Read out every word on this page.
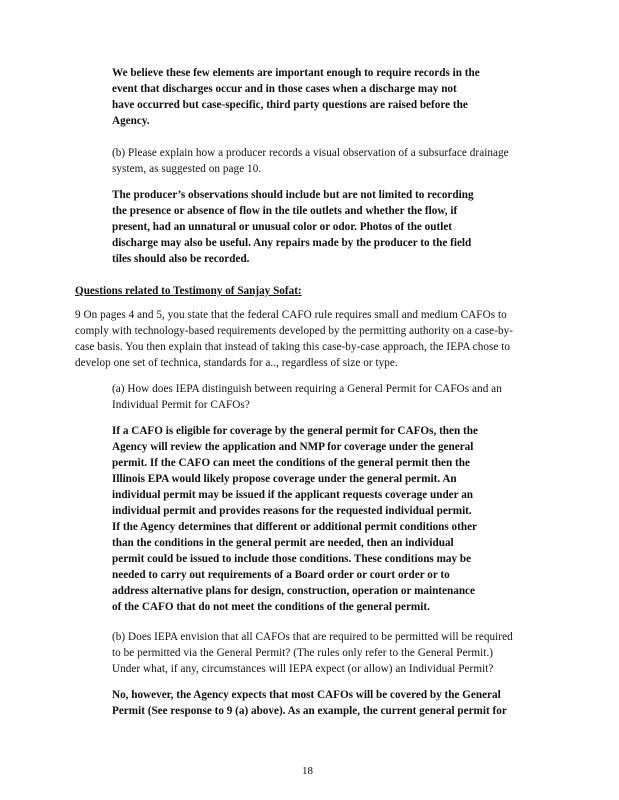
We believe these few elements are important enough to require records in the
event that discharges occur and in those cases when a discharge may not
have occurred but case-specific, third party questions are raised before the
Agency.
(b) Please explain how a producer records a visual observation of a subsurface drainage
system, as suggested on page 10.
The producer’s observations should include but are not limited to recording
the presence or absence of flow in the tile outlets and whether the flow, if
present, had an unnatural or unusual color or odor. Photos of the outlet
discharge may also be useful. Any repairs made by the producer to the field
tiles should also be recorded.
Questions related to Testimony of Sanjay Sofat:
9 On pages 4 and 5, you state that the federal CAFO rule requires small and medium CAFOs to
comply with technology-based requirements developed by the permitting authority on a case-by-
case basis. You then explain that instead of taking this case-by-case approach, the IEPA chose to
develop one set of technica, standards for a.., regardless of size or type.
(a) How does IEPA distinguish between requiring a General Permit for CAFOs and an
Individual Permit for CAFOs?
If a CAFO is eligible for coverage by the general permit for CAFOs, then the
Agency will review the application and NMP for coverage under the general
permit. If the CAFO can meet the conditions of the general permit then the
Illinois EPA would likely propose coverage under the general permit. An
individual permit may be issued if the applicant requests coverage under an
individual permit and provides reasons for the requested individual permit.
If the Agency determines that different or additional permit conditions other
than the conditions in the general permit are needed, then an individual
permit could be issued to include those conditions. These conditions may be
needed to carry out requirements of a Board order or court order or to
address alternative plans for design, construction, operation or maintenance
of the CAFO that do not meet the conditions of the general permit.
(b) Does IEPA envision that all CAFOs that are required to be permitted will be required
to be permitted via the General Permit? (The rules only refer to the General Permit.)
Under what, if any, circumstances will IEPA expect (or allow) an Individual Permit?
No, however, the Agency expects that most CAFOs will be covered by the General
Permit (See response to 9 (a) above). As an example, the current general permit for
18
